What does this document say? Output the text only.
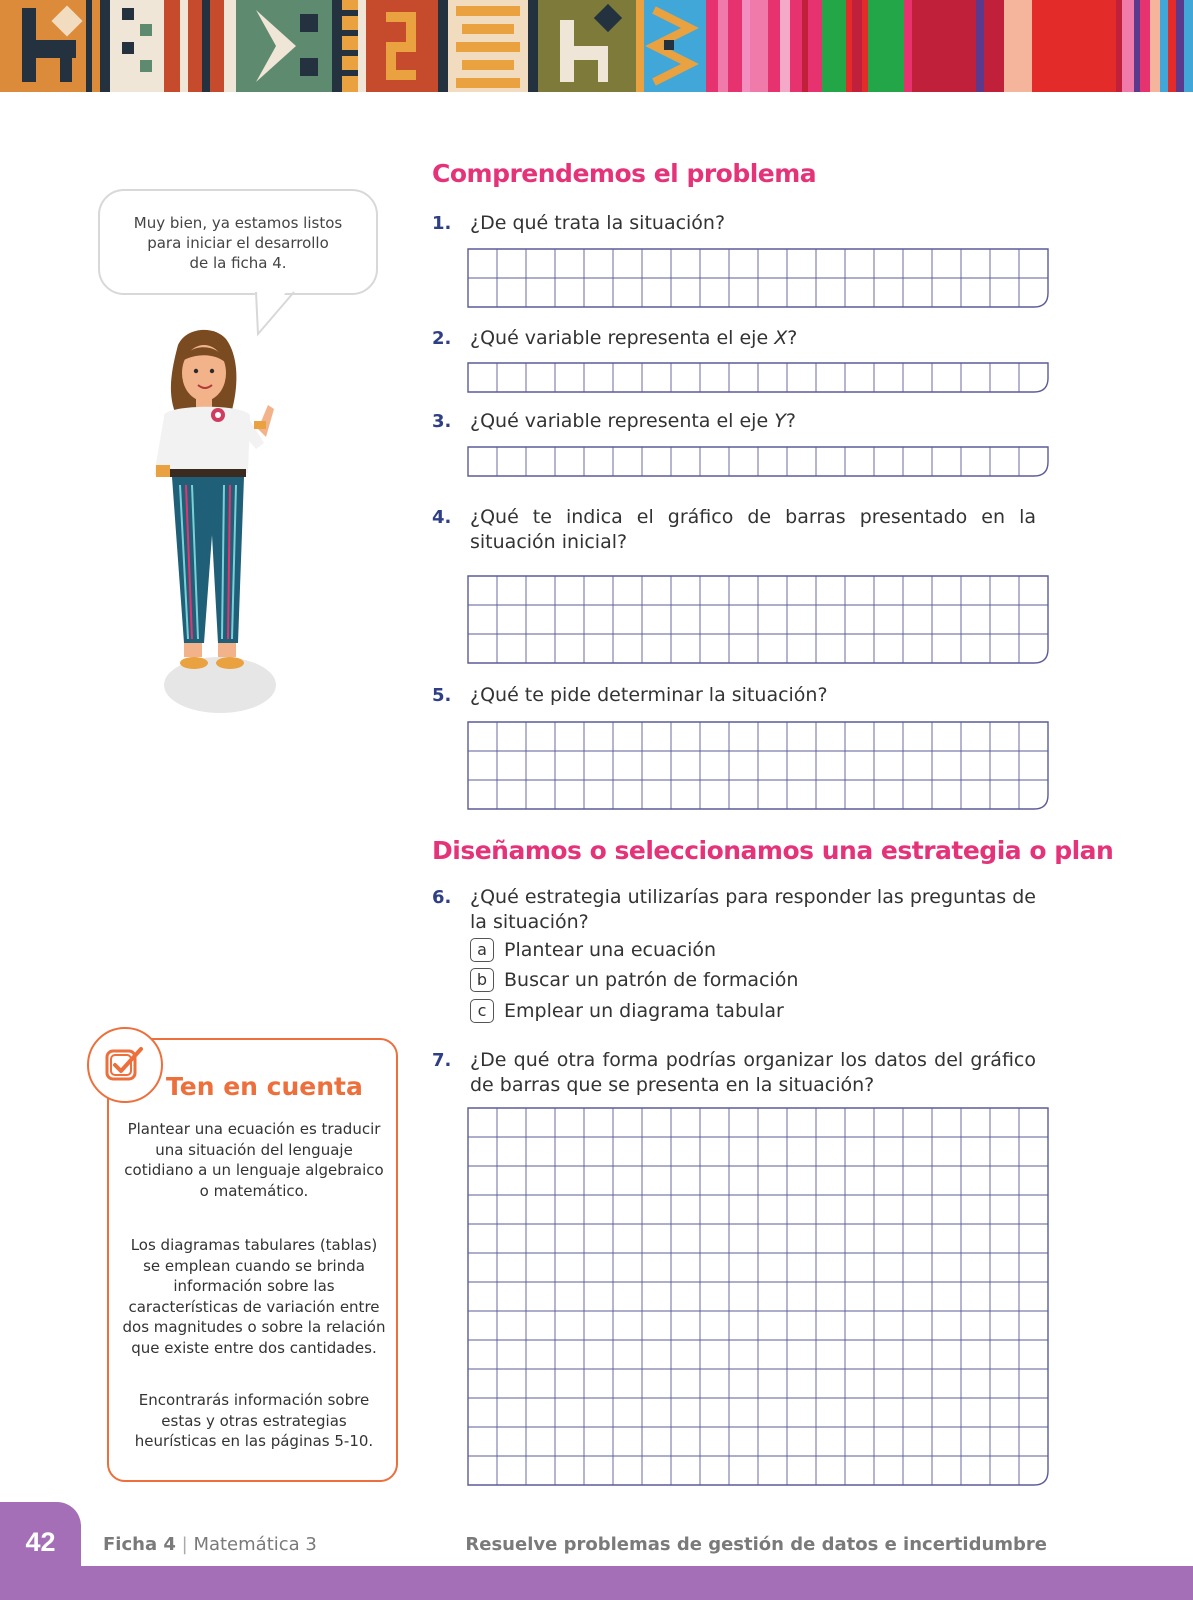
Muy bien, ya estamos listos
para iniciar el desarrollo
de la ficha 4.
Comprendemos el problema
1. ¿De qué trata la situación?
2. ¿Qué variable representa el eje X?
3. ¿Qué variable representa el eje Y?
4. ¿Qué te indica el gráfico de barras presentado en la situación inicial?
5. ¿Qué te pide determinar la situación?
Diseñamos o seleccionamos una estrategia o plan
6. ¿Qué estrategia utilizarías para responder las preguntas de la situación?
a Plantear una ecuación
b Buscar un patrón de formación
c Emplear un diagrama tabular
7. ¿De qué otra forma podrías organizar los datos del gráfico de barras que se presenta en la situación?
Ten en cuenta

Plantear una ecuación es traducir una situación del lenguaje cotidiano a un lenguaje algebraico o matemático.

Los diagramas tabulares (tablas) se emplean cuando se brinda información sobre las características de variación entre dos magnitudes o sobre la relación que existe entre dos cantidades.

Encontrarás información sobre estas y otras estrategias heurísticas en las páginas 5-10.

42	Ficha 4 | Matemática 3	Resuelve problemas de gestión de datos e incertidumbre
